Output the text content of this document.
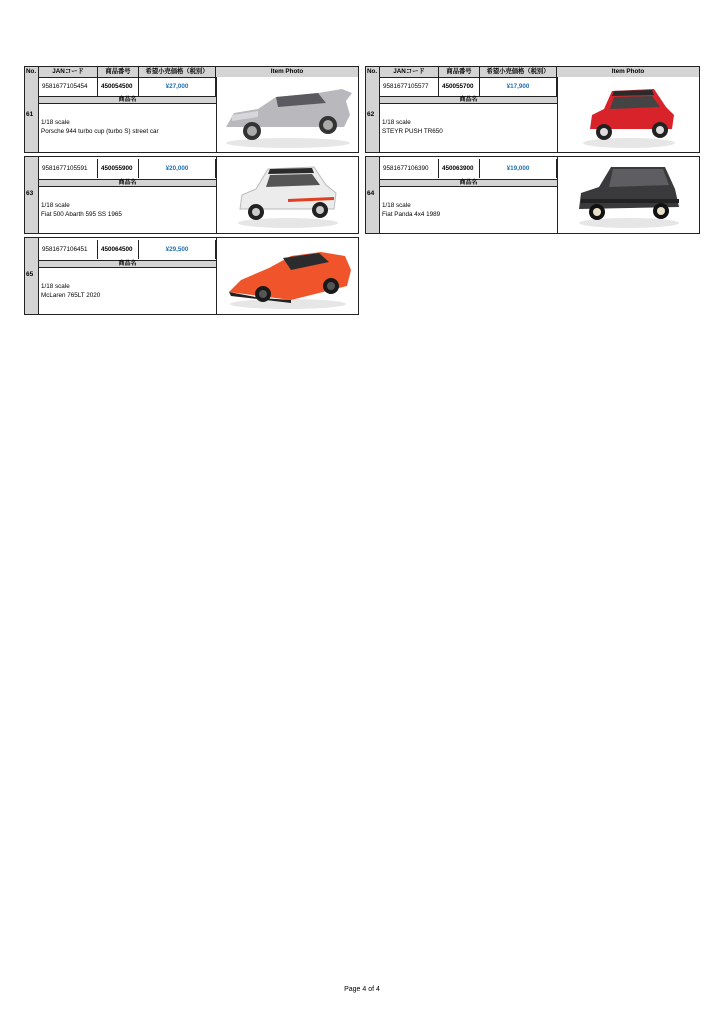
No.	JANコード	商品番号	希望小売価格（税別）	Item Photo
61
9581677105454	450054500	¥27,000
商品名
1/18 scale
Porsche 944 turbo cup (turbo S) street car
No.	JANコード	商品番号	希望小売価格（税別）	Item Photo
62
9581677105577	450055700	¥17,900
商品名
1/18 scale
STEYR PUSH TR650
63
9581677105591	450055900	¥20,000
商品名
1/18 scale
Fiat 500 Abarth 595 SS 1965
64
9581677106390	450063900	¥19,000
商品名
1/18 scale
Fiat Panda 4x4 1989
65
9581677106451	450064500	¥29,500
商品名
1/18 scale
McLaren 765LT 2020
Page 4 of 4
